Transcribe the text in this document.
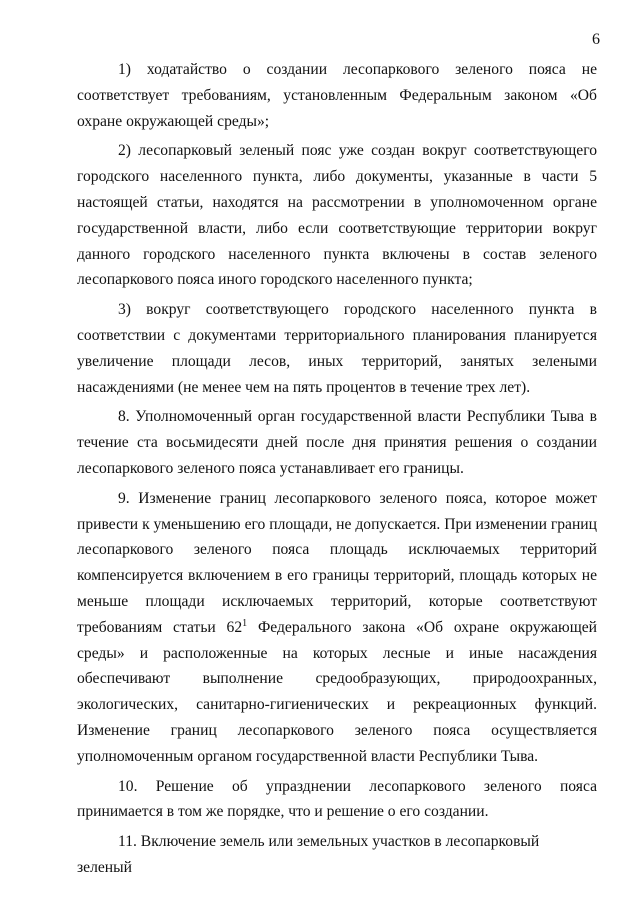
6

1) ходатайство о создании лесопаркового зеленого пояса не соответствует требованиям, установленным Федеральным законом «Об охране окружающей среды»;

2) лесопарковый зеленый пояс уже создан вокруг соответствующего городского населенного пункта, либо документы, указанные в части 5 настоящей статьи, находятся на рассмотрении в уполномоченном органе государственной власти, либо если соответствующие территории вокруг данного городского населенного пункта включены в состав зеленого лесопаркового пояса иного городского населенного пункта;

3) вокруг соответствующего городского населенного пункта в соответствии с документами территориального планирования планируется увеличение площади лесов, иных территорий, занятых зелеными насаждениями (не менее чем на пять процентов в течение трех лет).

8. Уполномоченный орган государственной власти Республики Тыва в течение ста восьмидесяти дней после дня принятия решения о создании лесопаркового зеленого пояса устанавливает его границы.

9. Изменение границ лесопаркового зеленого пояса, которое может привести к уменьшению его площади, не допускается. При изменении границ лесопаркового зеленого пояса площадь исключаемых территорий компенсируется включением в его границы территорий, площадь которых не меньше площади исключаемых территорий, которые соответствуют требованиям статьи $62^1$ Федерального закона «Об охране окружающей среды» и расположенные на которых лесные и иные насаждения обеспечивают выполнение средообразующих, природоохранных, экологических, санитарно-гигиенических и рекреационных функций. Изменение границ лесопаркового зеленого пояса осуществляется уполномоченным органом государственной власти Республики Тыва.

10. Решение об упразднении лесопаркового зеленого пояса принимается в том же порядке, что и решение о его создании.

11. Включение земель или земельных участков в лесопарковый зеленый
